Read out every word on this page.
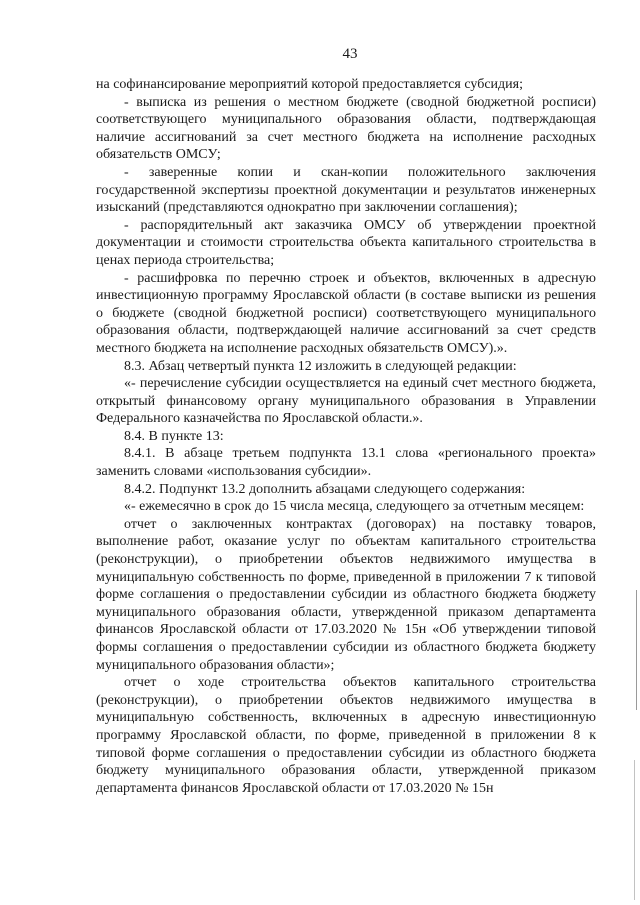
43

на софинансирование мероприятий которой предоставляется субсидия;

- выписка из решения о местном бюджете (сводной бюджетной росписи) соответствующего муниципального образования области, подтверждающая наличие ассигнований за счет местного бюджета на исполнение расходных обязательств ОМСУ;

- заверенные копии и скан-копии положительного заключения государственной экспертизы проектной документации и результатов инженерных изысканий (представляются однократно при заключении соглашения);

- распорядительный акт заказчика ОМСУ об утверждении проектной документации и стоимости строительства объекта капитального строительства в ценах периода строительства;

- расшифровка по перечню строек и объектов, включенных в адресную инвестиционную программу Ярославской области (в составе выписки из решения о бюджете (сводной бюджетной росписи) соответствующего муниципального образования области, подтверждающей наличие ассигнований за счет средств местного бюджета на исполнение расходных обязательств ОМСУ).».

8.3. Абзац четвертый пункта 12 изложить в следующей редакции:

«- перечисление субсидии осуществляется на единый счет местного бюджета, открытый финансовому органу муниципального образования в Управлении Федерального казначейства по Ярославской области.».

8.4. В пункте 13:

8.4.1. В абзаце третьем подпункта 13.1 слова «регионального проекта» заменить словами «использования субсидии».

8.4.2. Подпункт 13.2 дополнить абзацами следующего содержания:

«- ежемесячно в срок до 15 числа месяца, следующего за отчетным месяцем:

отчет о заключенных контрактах (договорах) на поставку товаров, выполнение работ, оказание услуг по объектам капитального строительства (реконструкции), о приобретении объектов недвижимого имущества в муниципальную собственность по форме, приведенной в приложении 7 к типовой форме соглашения о предоставлении субсидии из областного бюджета бюджету муниципального образования области, утвержденной приказом департамента финансов Ярославской области от 17.03.2020 № 15н «Об утверждении типовой формы соглашения о предоставлении субсидии из областного бюджета бюджету муниципального образования области»;

отчет о ходе строительства объектов капитального строительства (реконструкции), о приобретении объектов недвижимого имущества в муниципальную собственность, включенных в адресную инвестиционную программу Ярославской области, по форме, приведенной в приложении 8 к типовой форме соглашения о предоставлении субсидии из областного бюджета бюджету муниципального образования области, утвержденной приказом департамента финансов Ярославской области от 17.03.2020 № 15н
